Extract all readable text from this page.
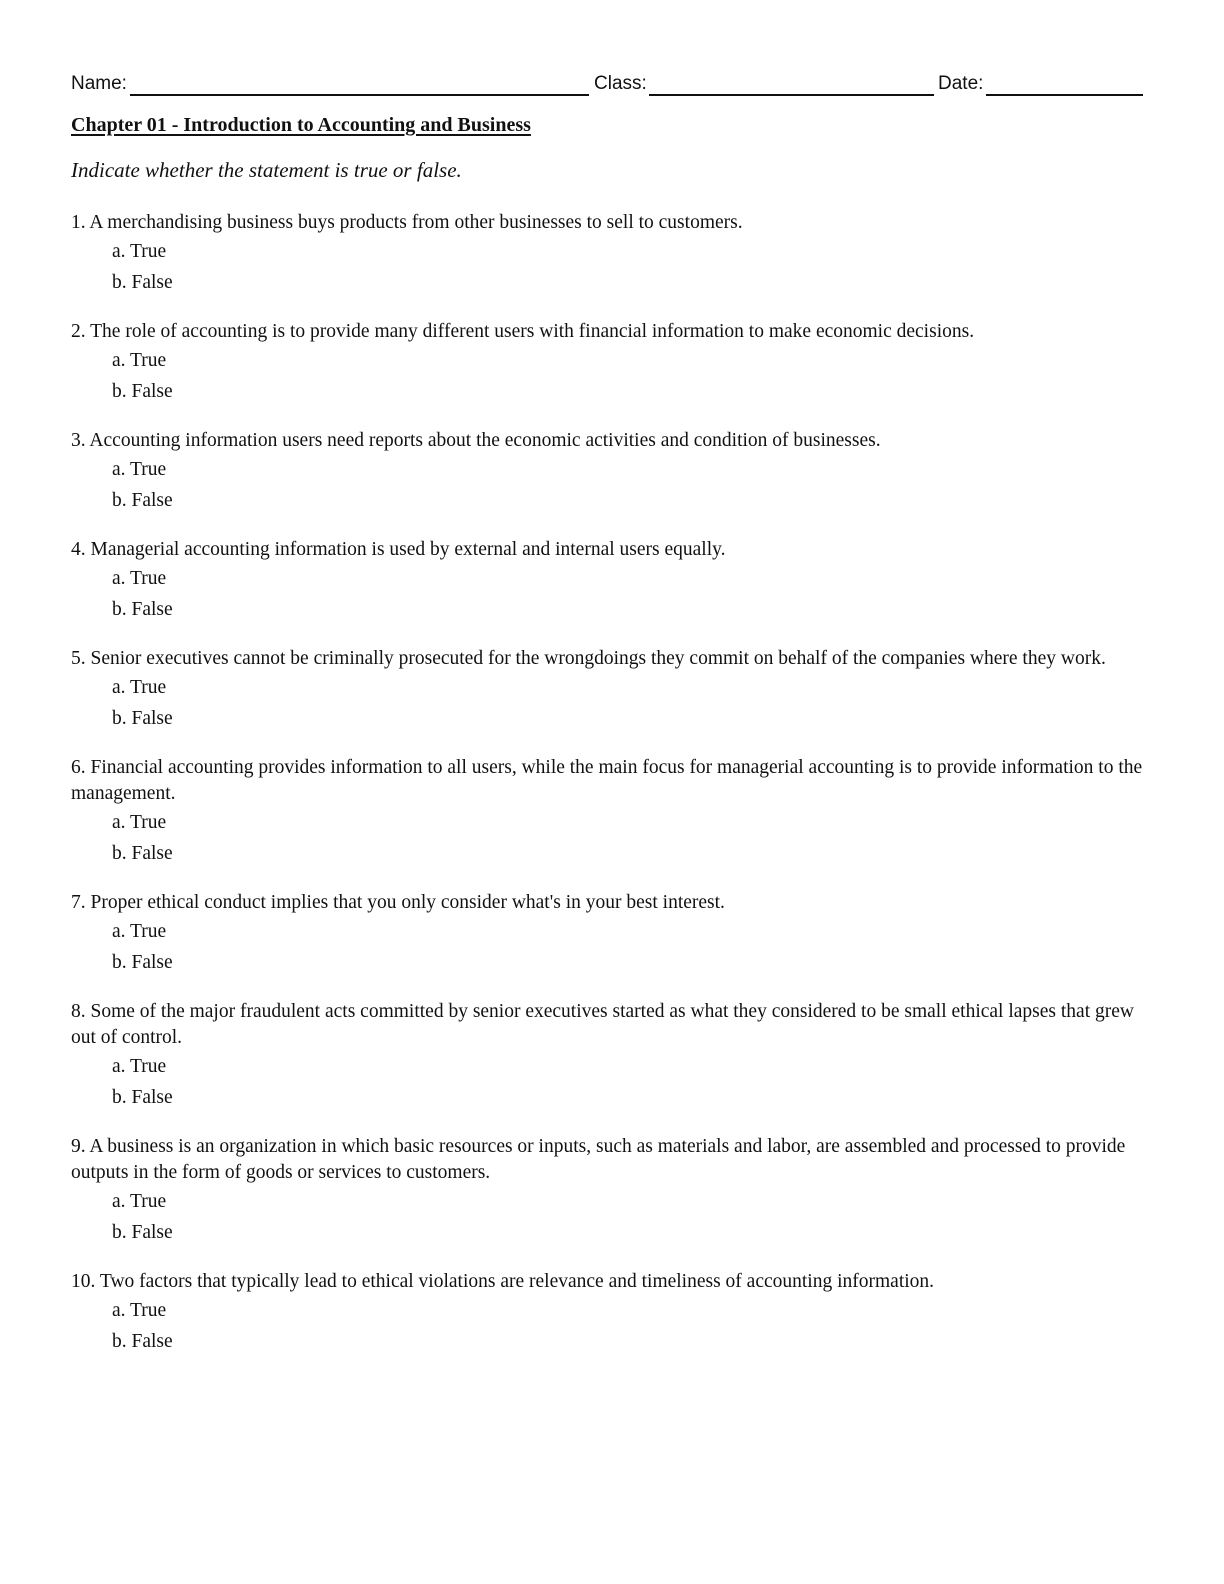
Name:	Class:	Date:
Chapter 01 - Introduction to Accounting and Business
Indicate whether the statement is true or false.
1. A merchandising business buys products from other businesses to sell to customers.
a. True
b. False
2. The role of accounting is to provide many different users with financial information to make economic decisions.
a. True
b. False
3. Accounting information users need reports about the economic activities and condition of businesses.
a. True
b. False
4. Managerial accounting information is used by external and internal users equally.
a. True
b. False
5. Senior executives cannot be criminally prosecuted for the wrongdoings they commit on behalf of the companies where they work.
a. True
b. False
6. Financial accounting provides information to all users, while the main focus for managerial accounting is to provide information to the management.
a. True
b. False
7. Proper ethical conduct implies that you only consider what's in your best interest.
a. True
b. False
8. Some of the major fraudulent acts committed by senior executives started as what they considered to be small ethical lapses that grew out of control.
a. True
b. False
9. A business is an organization in which basic resources or inputs, such as materials and labor, are assembled and processed to provide outputs in the form of goods or services to customers.
a. True
b. False
10. Two factors that typically lead to ethical violations are relevance and timeliness of accounting information.
a. True
b. False
